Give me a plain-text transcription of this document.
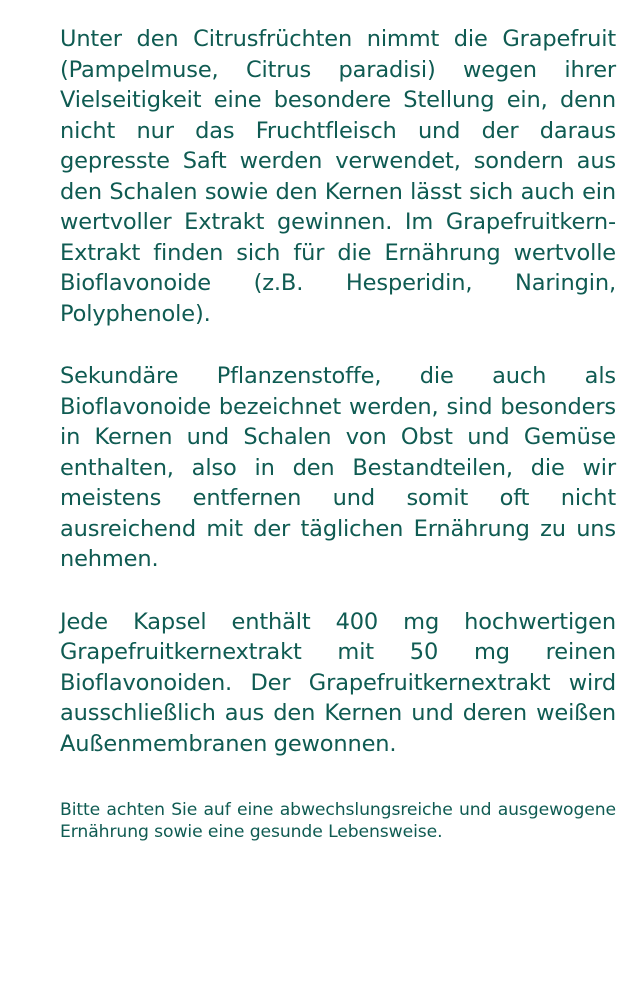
Unter den Citrusfrüchten nimmt die Grapefruit (Pampelmuse, Citrus paradisi) wegen ihrer Vielseitigkeit eine besondere Stellung ein, denn nicht nur das Fruchtfleisch und der daraus gepresste Saft werden verwendet, sondern aus den Schalen sowie den Kernen lässt sich auch ein wertvoller Extrakt gewinnen. Im Grapefruitkern-Extrakt finden sich für die Ernährung wertvolle Bioflavonoide (z.B. Hesperidin, Naringin, Polyphenole).

Sekundäre Pflanzenstoffe, die auch als Bioflavonoide bezeichnet werden, sind besonders in Kernen und Schalen von Obst und Gemüse enthalten, also in den Bestandteilen, die wir meistens entfernen und somit oft nicht ausreichend mit der täglichen Ernährung zu uns nehmen.

Jede Kapsel enthält 400 mg hochwertigen Grapefruitkernextrakt mit 50 mg reinen Bioflavonoiden. Der Grapefruitkernextrakt wird ausschließlich aus den Kernen und deren weißen Außenmembranen gewonnen.

Bitte achten Sie auf eine abwechslungsreiche und ausgewogene Ernährung sowie eine gesunde Lebensweise.
